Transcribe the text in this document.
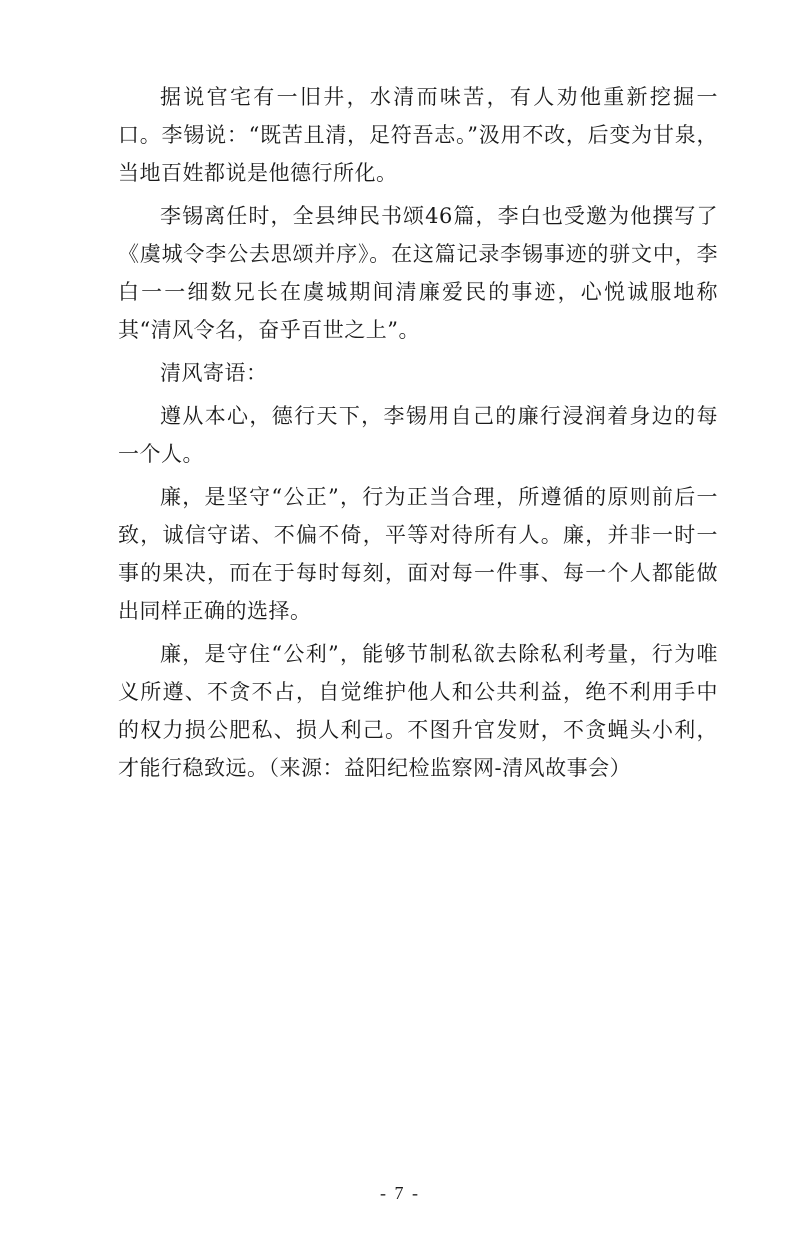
据说官宅有一旧井，水清而味苦，有人劝他重新挖掘一口。李锡说：“既苦且清，足符吾志。”汲用不改，后变为甘泉，当地百姓都说是他德行所化。

李锡离任时，全县绅民书颂46篇，李白也受邀为他撰写了《虞城令李公去思颂并序》。在这篇记录李锡事迹的骈文中，李白一一细数兄长在虞城期间清廉爱民的事迹，心悦诚服地称其“清风令名，奋乎百世之上”。

清风寄语：

遵从本心，德行天下，李锡用自己的廉行浸润着身边的每一个人。

廉，是坚守“公正”，行为正当合理，所遵循的原则前后一致，诚信守诺、不偏不倚，平等对待所有人。廉，并非一时一事的果决，而在于每时每刻，面对每一件事、每一个人都能做出同样正确的选择。

廉，是守住“公利”，能够节制私欲去除私利考量，行为唯义所遵、不贪不占，自觉维护他人和公共利益，绝不利用手中的权力损公肥私、损人利己。不图升官发财，不贪蝇头小利，才能行稳致远。（来源：益阳纪检监察网-清风故事会）

- 7 -
